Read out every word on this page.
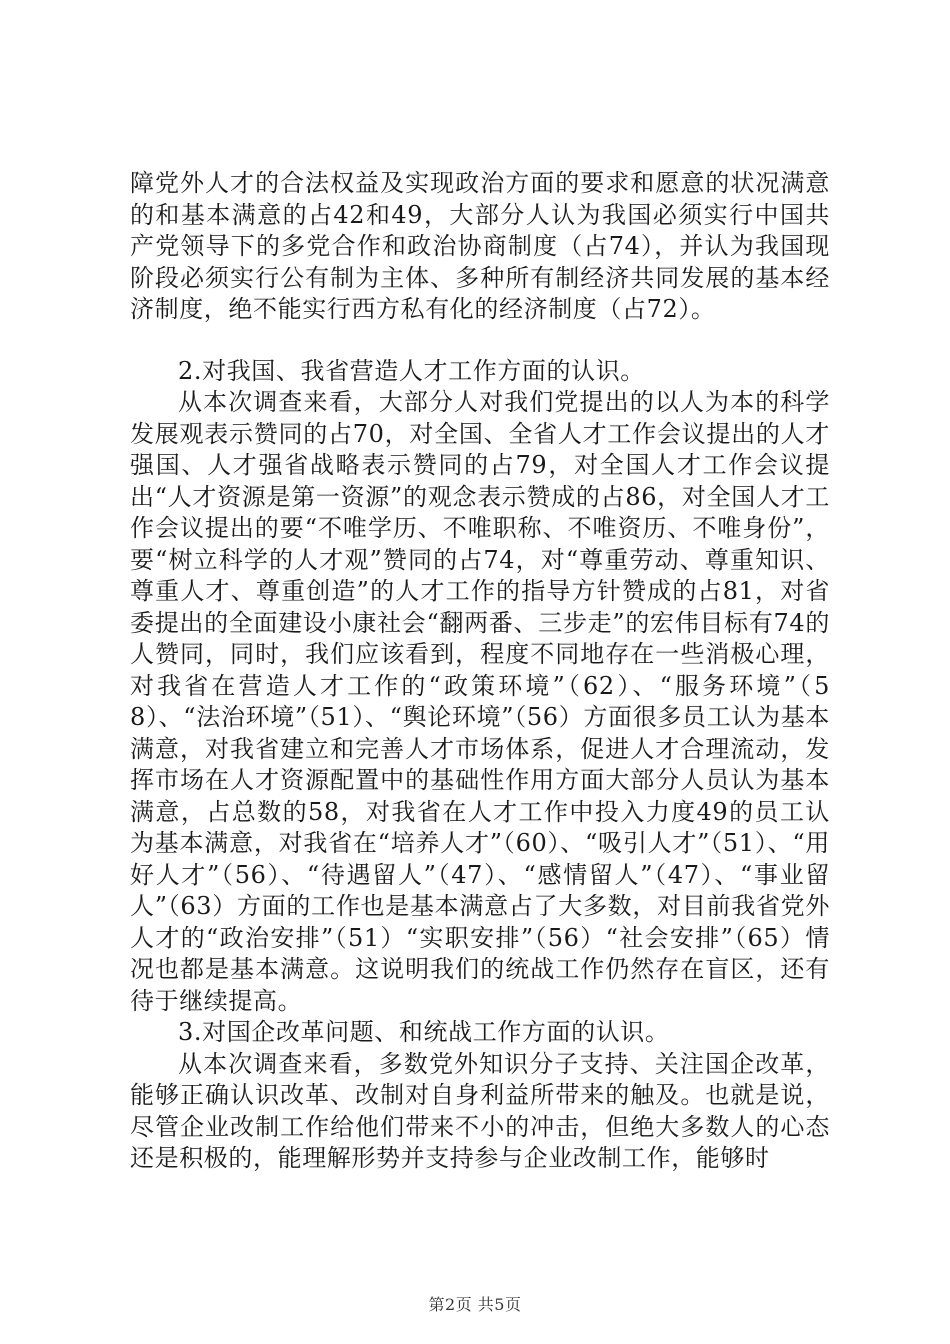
障党外人才的合法权益及实现政治方面的要求和愿意的状况满意的和基本满意的占42和49，大部分人认为我国必须实行中国共产党领导下的多党合作和政治协商制度（占74），并认为我国现阶段必须实行公有制为主体、多种所有制经济共同发展的基本经济制度，绝不能实行西方私有化的经济制度（占72）。

2.对我国、我省营造人才工作方面的认识。

从本次调查来看，大部分人对我们党提出的以人为本的科学发展观表示赞同的占70，对全国、全省人才工作会议提出的人才强国、人才强省战略表示赞同的占79，对全国人才工作会议提出“人才资源是第一资源”的观念表示赞成的占86，对全国人才工作会议提出的要“不唯学历、不唯职称、不唯资历、不唯身份”，要“树立科学的人才观”赞同的占74，对“尊重劳动、尊重知识、尊重人才、尊重创造”的人才工作的指导方针赞成的占81，对省委提出的全面建设小康社会“翻两番、三步走”的宏伟目标有74的人赞同，同时，我们应该看到，程度不同地存在一些消极心理，对我省在营造人才工作的“政策环境”（62）、“服务环境”（58）、“法治环境”（51）、“舆论环境”（56）方面很多员工认为基本满意，对我省建立和完善人才市场体系，促进人才合理流动，发挥市场在人才资源配置中的基础性作用方面大部分人员认为基本满意，占总数的58，对我省在人才工作中投入力度49的员工认为基本满意，对我省在“培养人才”（60）、“吸引人才”（51）、“用好人才”（56）、“待遇留人”（47）、“感情留人”（47）、“事业留人”（63）方面的工作也是基本满意占了大多数，对目前我省党外人才的“政治安排”（51）“实职安排”（56）“社会安排”（65）情况也都是基本满意。这说明我们的统战工作仍然存在盲区，还有待于继续提高。

3.对国企改革问题、和统战工作方面的认识。

从本次调查来看，多数党外知识分子支持、关注国企改革，能够正确认识改革、改制对自身利益所带来的触及。也就是说，尽管企业改制工作给他们带来不小的冲击，但绝大多数人的心态还是积极的，能理解形势并支持参与企业改制工作，能够时

第2页 共5页
